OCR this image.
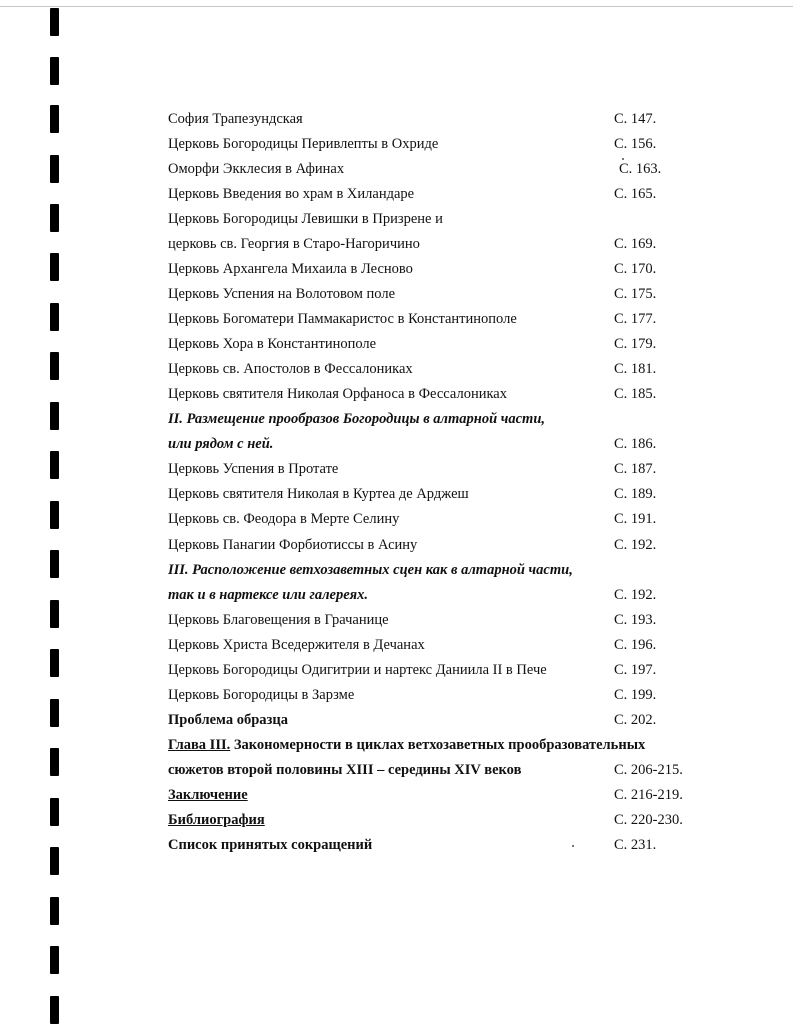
София Трапезундская	С. 147.
Церковь Богородицы Перивлепты в Охриде	С. 156.
Оморфи Экклесия в Афинах	С. 163.
Церковь Введения во храм в Хиландаре	С. 165.
Церковь Богородицы Левишки в Призрене и
церковь св. Георгия в Старо-Нагоричино	С. 169.
Церковь Архангела Михаила в Лесново	С. 170.
Церковь Успения на Волотовом поле	С. 175.
Церковь Богоматери Паммакаристос в Константинополе	С. 177.
Церковь Хора в Константинополе	С. 179.
Церковь св. Апостолов в Фессалониках	С. 181.
Церковь святителя Николая Орфаноса в Фессалониках	С. 185.
II. Размещение прообразов Богородицы в алтарной части,
или рядом с ней.	С. 186.
Церковь Успения в Протате	С. 187.
Церковь святителя Николая в Куртеа де Арджеш	С. 189.
Церковь св. Феодора в Мерте Селину	С. 191.
Церковь Панагии Форбиотиссы в Асину	С. 192.
III. Расположение ветхозаветных сцен как в алтарной части,
так и в нартексе или галереях.	С. 192.
Церковь Благовещения в Грачанице	С. 193.
Церковь Христа Вседержителя в Дечанах	С. 196.
Церковь Богородицы Одигитрии и нартекс Даниила II в Пече	С. 197.
Церковь Богородицы в Зарзме	С. 199.
Проблема образца	С. 202.
Глава III. Закономерности в циклах ветхозаветных прообразовательных
сюжетов второй половины XIII – середины XIV веков	С. 206-215.
Заключение	С. 216-219.
Библиография	С. 220-230.
Список принятых сокращений	С. 231.
